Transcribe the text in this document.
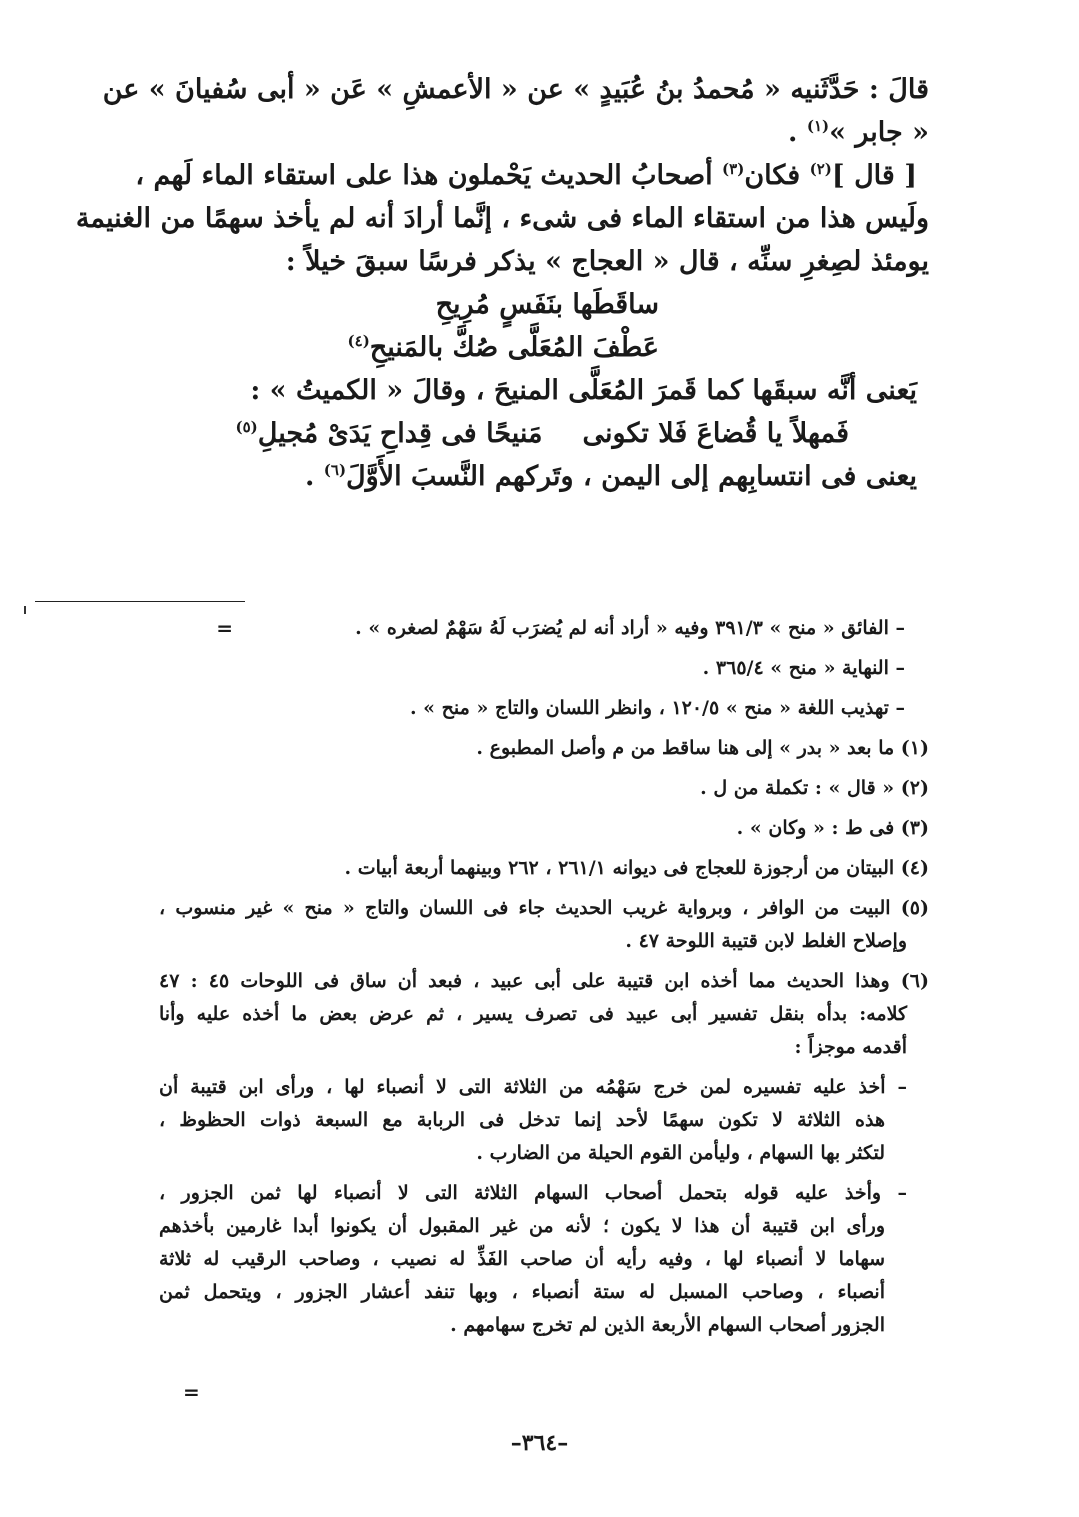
قالَ : حَدَّثَنيه « مُحمدُ بنُ عُبَيدٍ » عن « الأعمشِ » عَن « أبى سُفيانَ » عن
« جابر »$^{(١)}$ .
[ قال ]$^{(٢)}$ فكان$^{(٣)}$ أصحابُ الحديث يَحْملون هذا على استقاء الماء لَهم ،
ولَيس هذا من استقاء الماء فى شىء ، إنَّما أرادَ أنه لم يأخذ سهمًا من الغنيمة
يومئذ لصِغرِ سنِّه ، قال « العجاج » يذكر فرسًا سبقَ خيلاً :
ساقَطَها بنَفَسٍ مُرِيحِ
عَطْفَ المُعَلَّى صُكَّ بالمَنيحِ$^{(٤)}$
يَعنى أنَّه سبقَها كما قَمرَ المُعَلَّى المنيحَ ، وقالَ « الكميتُ » :
فَمهلاً يا قُضاعَ فَلا تكونى
مَنيحًا فى قِداحِ يَدَىْ مُجيلِ$^{(٥)}$
يعنى فى انتسابِهم إلى اليمن ، وتَركهم النَّسبَ الأَوَّلَ$^{(٦)}$ .
=	– الفائق « منح » ٣٩١/٣ وفيه « أراد أنه لم يُضرَب لَهُ سَهْمٌ لصغره » .
– النهاية « منح » ٣٦٥/٤ .
– تهذيب اللغة « منح » ١٢٠/٥ ، وانظر اللسان والتاج « منح » .
(١) ما بعد « بدر » إلى هنا ساقط من م وأصل المطبوع .
(٢) « قال » : تكملة من ل .
(٣) فى ط : « وكان » .
(٤) البيتان من أرجوزة للعجاج فى ديوانه ٢٦١/١ ، ٢٦٢ وبينهما أربعة أبيات .
(٥) البيت من الوافر ، وبرواية غريب الحديث جاء فى اللسان والتاج « منح » غير منسوب ،
وإصلاح الغلط لابن قتيبة اللوحة ٤٧ .
(٦) وهذا الحديث مما أخذه ابن قتيبة على أبى عبيد ، فبعد أن ساق فى اللوحات ٤٥ : ٤٧
كلامه: بدأه بنقل تفسير أبى عبيد فى تصرف يسير ، ثم عرض بعض ما أخذه عليه وأنا
أقدمه موجزاً :
– أخذ عليه تفسيره لمن خرج سَهْمُه من الثلاثة التى لا أنصباء لها ، ورأى ابن قتيبة أن
هذه الثلاثة لا تكون سهمًا لأحد إنما تدخل فى الربابة مع السبعة ذوات الحظوظ ،
لتكثر بها السهام ، وليأمن القوم الحيلة من الضارب .
– وأخذ عليه قوله بتحمل أصحاب السهام الثلاثة التى لا أنصباء لها ثمن الجزور ،
ورأى ابن قتيبة أن هذا لا يكون ؛ لأنه من غير المقبول أن يكونوا أبدا غارمين بأخذهم
سهاما لا أنصباء لها ، وفيه رأيه أن صاحب الفَذِّ له نصيب ، وصاحب الرقيب له ثلاثة
أنصباء ، وصاحب المسبل له ستة أنصباء ، وبها تنفد أعشار الجزور ، ويتحمل ثمن
الجزور أصحاب السهام الأربعة الذين لم تخرج سهامهم .
=
–٣٦٤–
